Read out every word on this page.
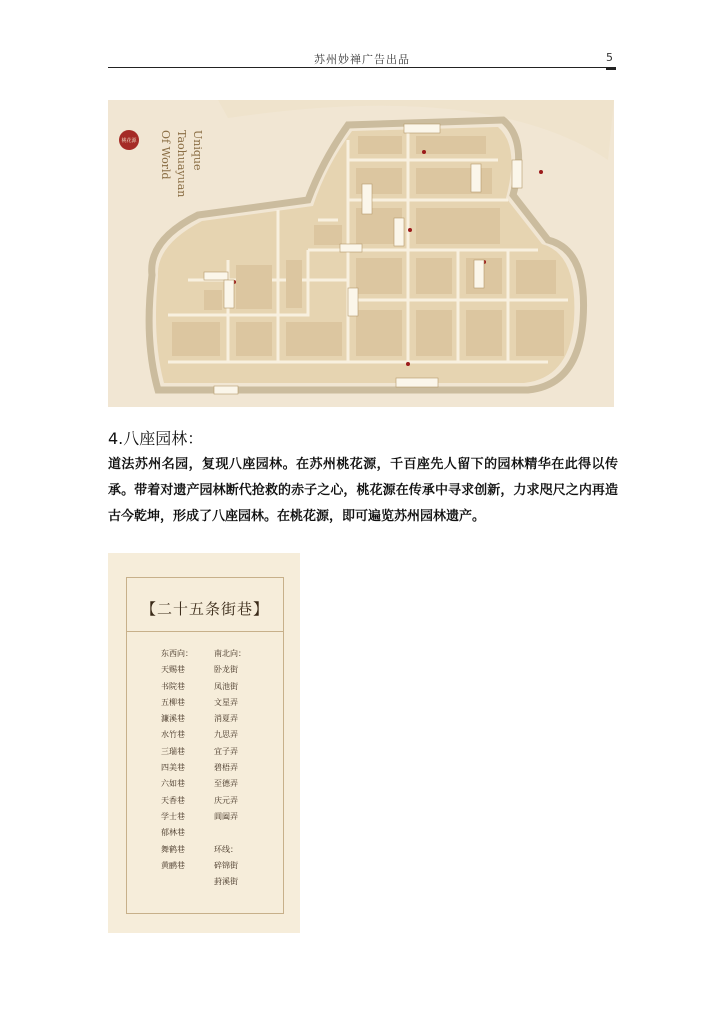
苏州妙禅广告出品	5
桃花源	Unique
Taohuayuan
Of World
4.八座园林：
道法苏州名园，复现八座园林。在苏州桃花源，千百座先人留下的园林精华在此得以传承。带着对遗产园林断代抢救的赤子之心，桃花源在传承中寻求创新，力求咫尺之内再造古今乾坤，形成了八座园林。在桃花源，即可遍览苏州园林遗产。
【二十五条街巷】
东西向：
天赐巷
书院巷
五柳巷
濂溪巷
水竹巷
三瑞巷
四美巷
六如巷
天香巷
学士巷
郁林巷
舞鹤巷
黄鹂巷
南北向：
卧龙街
凤池街
文星弄
消夏弄
九思弄
宜子弄
碧梧弄
至德弄
庆元弄
阊阖弄
环线：
碎锦街
葑溪街
